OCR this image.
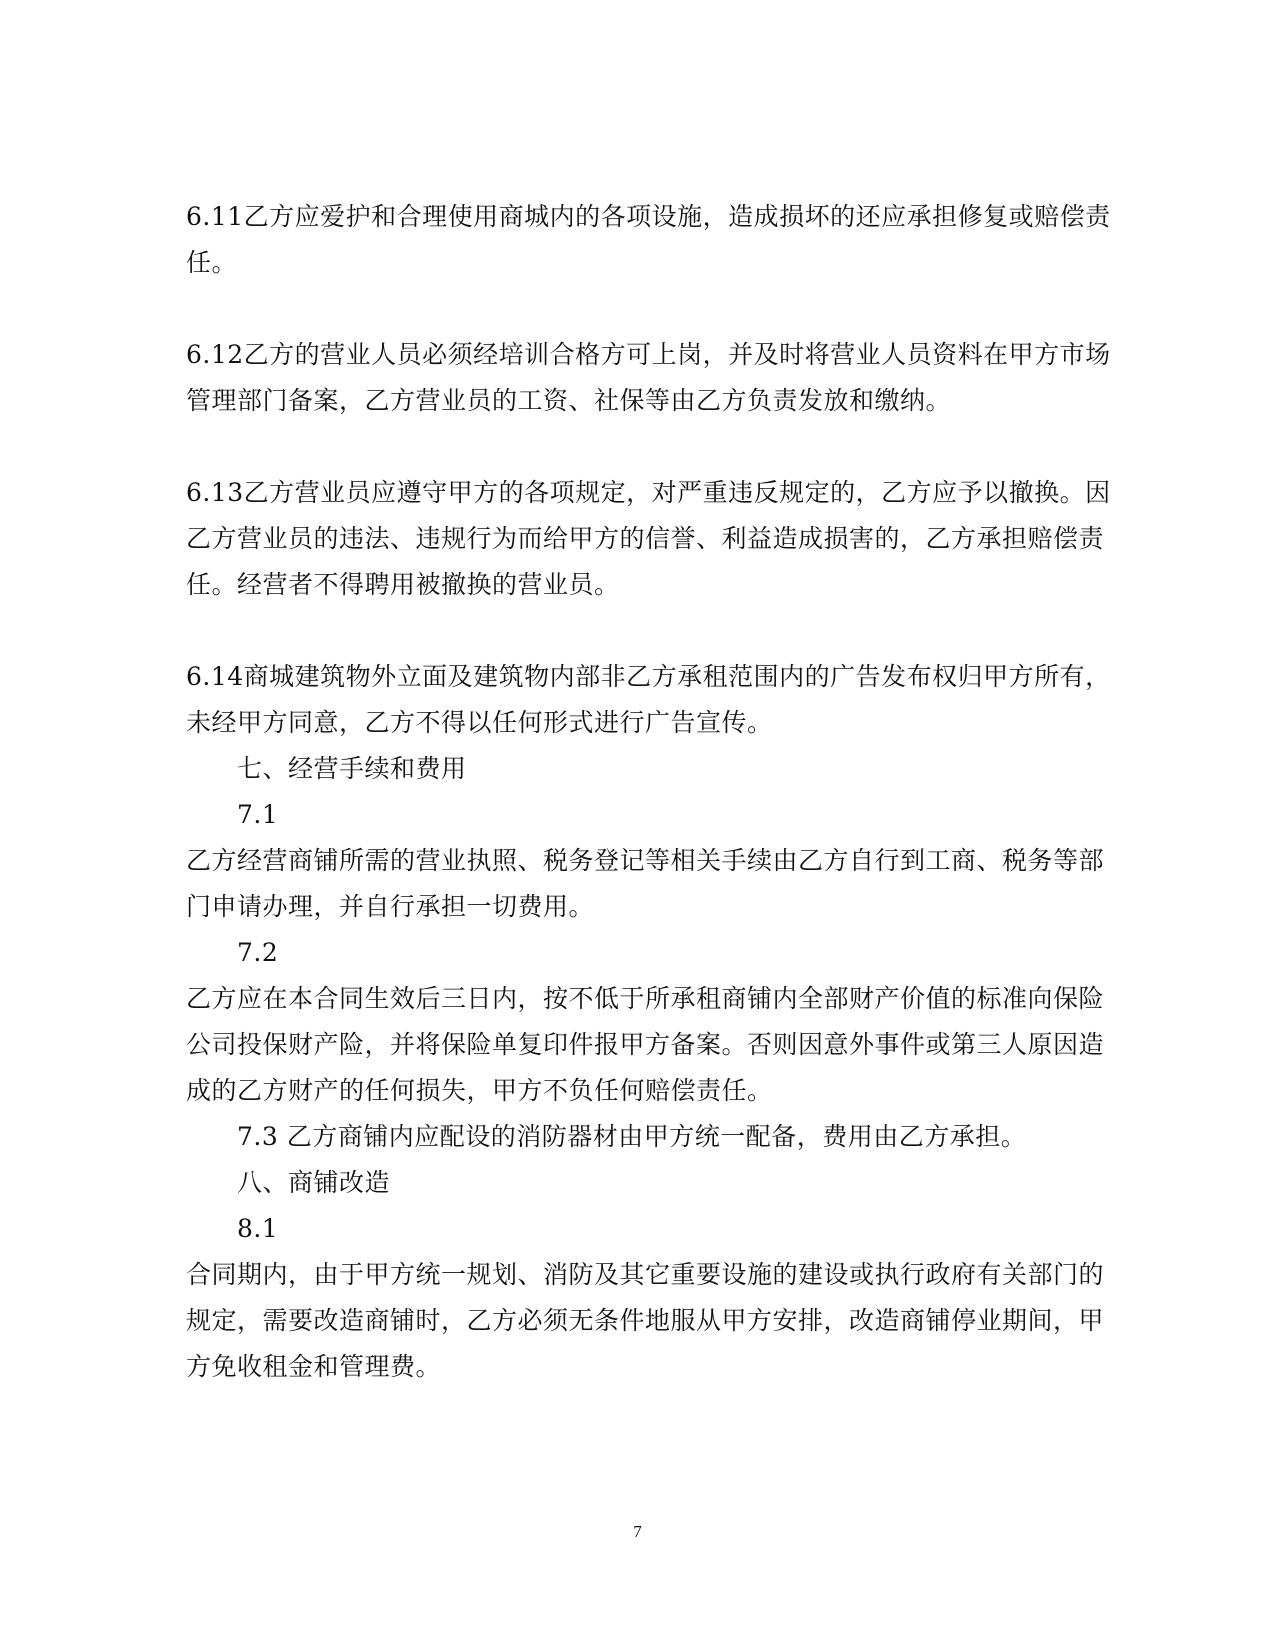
6.11乙方应爱护和合理使用商城内的各项设施，造成损坏的还应承担修复或赔偿责
任。
6.12乙方的营业人员必须经培训合格方可上岗，并及时将营业人员资料在甲方市场
管理部门备案，乙方营业员的工资、社保等由乙方负责发放和缴纳。
6.13乙方营业员应遵守甲方的各项规定，对严重违反规定的，乙方应予以撤换。因
乙方营业员的违法、违规行为而给甲方的信誉、利益造成损害的，乙方承担赔偿责
任。经营者不得聘用被撤换的营业员。
6.14商城建筑物外立面及建筑物内部非乙方承租范围内的广告发布权归甲方所有，
未经甲方同意，乙方不得以任何形式进行广告宣传。
七、经营手续和费用
7.1
乙方经营商铺所需的营业执照、税务登记等相关手续由乙方自行到工商、税务等部
门申请办理，并自行承担一切费用。
7.2
乙方应在本合同生效后三日内，按不低于所承租商铺内全部财产价值的标准向保险
公司投保财产险，并将保险单复印件报甲方备案。否则因意外事件或第三人原因造
成的乙方财产的任何损失，甲方不负任何赔偿责任。
7.3 乙方商铺内应配设的消防器材由甲方统一配备，费用由乙方承担。
八、商铺改造
8.1
合同期内，由于甲方统一规划、消防及其它重要设施的建设或执行政府有关部门的
规定，需要改造商铺时，乙方必须无条件地服从甲方安排，改造商铺停业期间，甲
方免收租金和管理费。
7
